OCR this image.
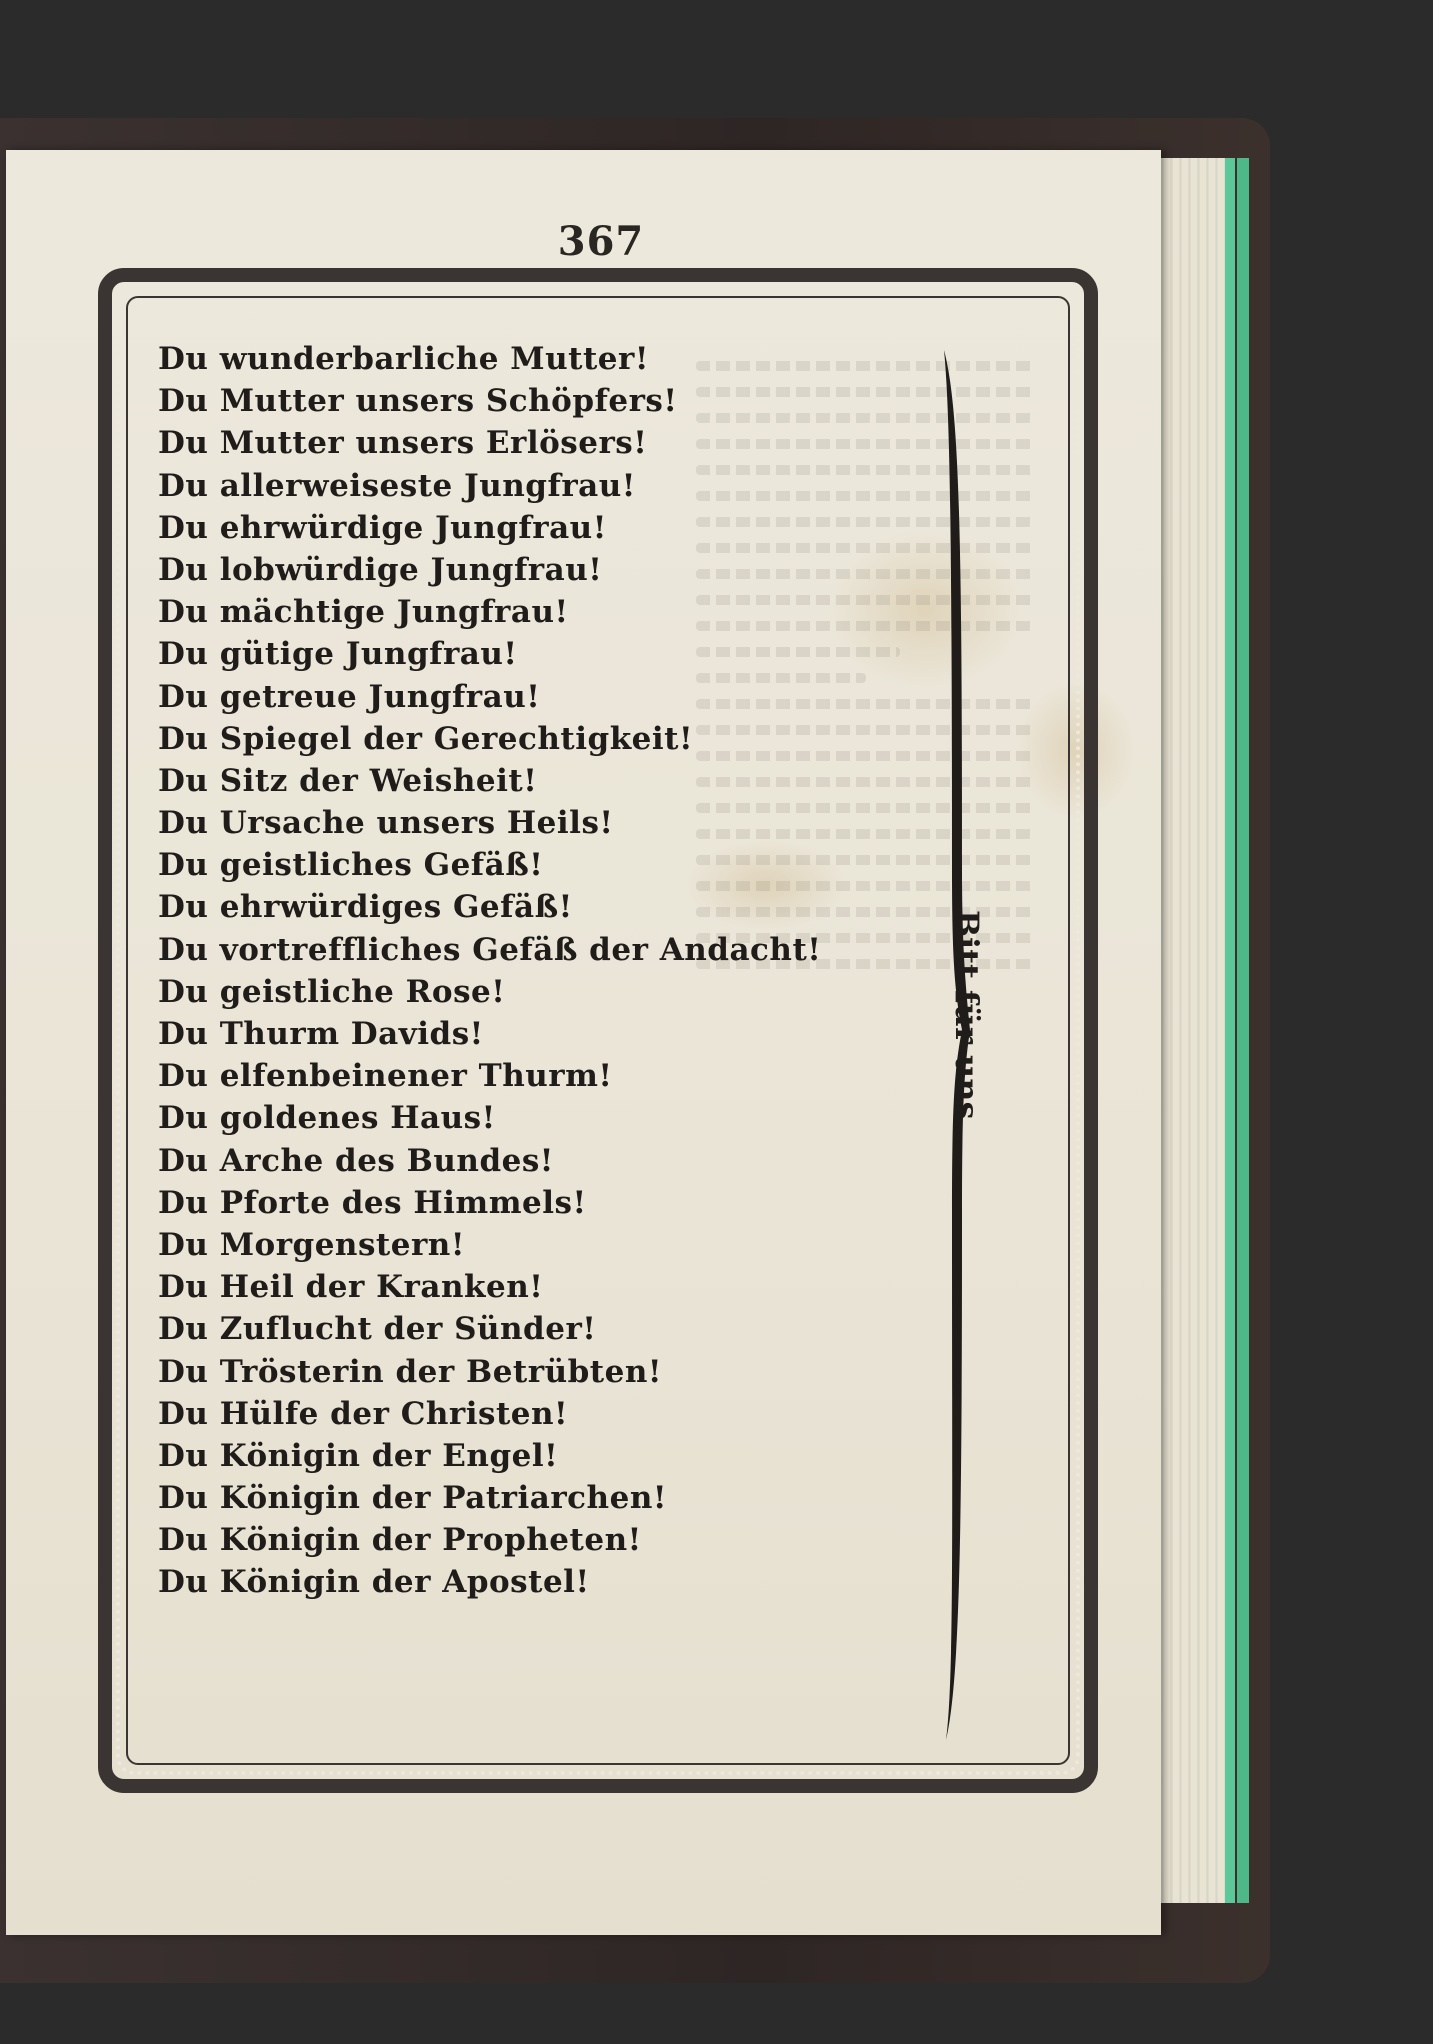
367
Du wunderbarliche Mutter!
Du Mutter unsers Schöpfers!
Du Mutter unsers Erlösers!
Du allerweiseste Jungfrau!
Du ehrwürdige Jungfrau!
Du lobwürdige Jungfrau!
Du mächtige Jungfrau!
Du gütige Jungfrau!
Du getreue Jungfrau!
Du Spiegel der Gerechtigkeit!
Du Sitz der Weisheit!
Du Ursache unsers Heils!
Du geistliches Gefäß!
Du ehrwürdiges Gefäß!
Du vortreffliches Gefäß der Andacht!
Du geistliche Rose!
Du Thurm Davids!
Du elfenbeinener Thurm!
Du goldenes Haus!
Du Arche des Bundes!
Du Pforte des Himmels!
Du Morgenstern!
Du Heil der Kranken!
Du Zuflucht der Sünder!
Du Trösterin der Betrübten!
Du Hülfe der Christen!
Du Königin der Engel!
Du Königin der Patriarchen!
Du Königin der Propheten!
Du Königin der Apostel!
Bitt für uns.
